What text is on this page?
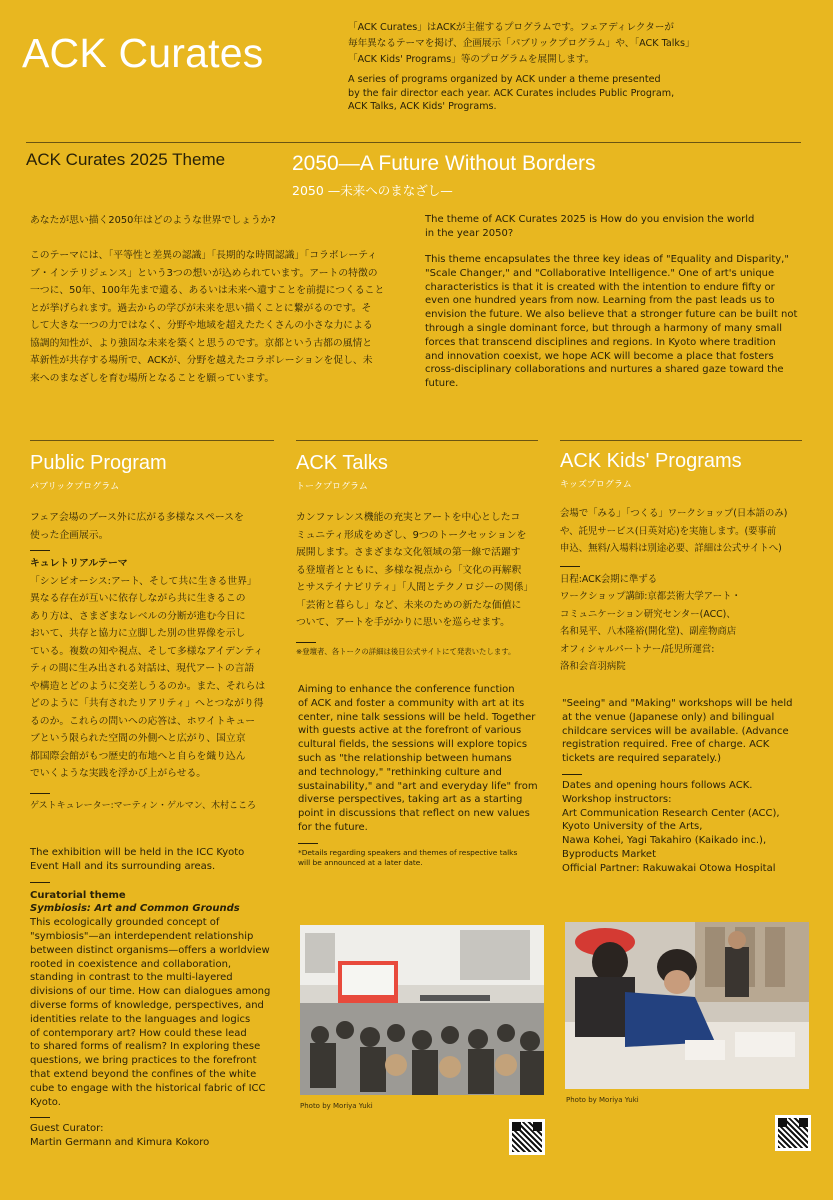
ACK Curates
「ACK Curates」はACKが主催するプログラムです。フェアディレクターが
毎年異なるテーマを掲げ、企画展示「パブリックプログラム」や、「ACK Talks」
「ACK Kids' Programs」等のプログラムを展開します。
A series of programs organized by ACK under a theme presented
by the fair director each year. ACK Curates includes Public Program,
ACK Talks, ACK Kids' Programs.
ACK Curates 2025 Theme	2050—A Future Without Borders
2050 —未来へのまなざし—
あなたが思い描く2050年はどのような世界でしょうか?
このテーマには、「平等性と差異の認識」「長期的な時間認識」「コラボレーティ
ブ・インテリジェンス」という3つの想いが込められています。アートの特徴の
一つに、50年、100年先まで遺る、あるいは未来へ遺すことを前提につくること
とが挙げられます。過去からの学びが未来を思い描くことに繋がるのです。そ
して大きな一つの力ではなく、分野や地域を超えたたくさんの小さな力による
協調的知性が、より強固な未来を築くと思うのです。京都という古都の風情と
革新性が共存する場所で、ACKが、分野を越えたコラボレーションを促し、未
来へのまなざしを育む場所となることを願っています。
The theme of ACK Curates 2025 is How do you envision the world
in the year 2050?
This theme encapsulates the three key ideas of "Equality and Disparity,"
"Scale Changer," and "Collaborative Intelligence." One of art's unique
characteristics is that it is created with the intention to endure fifty or
even one hundred years from now. Learning from the past leads us to
envision the future. We also believe that a stronger future can be built not
through a single dominant force, but through a harmony of many small
forces that transcend disciplines and regions. In Kyoto where tradition
and innovation coexist, we hope ACK will become a place that fosters
cross-disciplinary collaborations and nurtures a shared gaze toward the
future.
Public Program
パブリックプログラム
フェア会場のブース外に広がる多様なスペースを
使った企画展示。
キュレトリアルテーマ
「シンビオーシス:アート、そして共に生きる世界」
異なる存在が互いに依存しながら共に生きるこの
あり方は、さまざまなレベルの分断が進む今日に
おいて、共存と協力に立脚した別の世界像を示し
ている。複数の知や視点、そして多様なアイデンティ
ティの間に生み出される対話は、現代アートの言語
や構造とどのように交差しうるのか。また、それらは
どのように「共有されたリアリティ」へとつながり得
るのか。これらの問いへの応答は、ホワイトキュー
ブという限られた空間の外側へと広がり、国立京
都国際会館がもつ歴史的布地へと自らを織り込ん
でいくような実践を浮かび上がらせる。
ゲストキュレーター:マーティン・ゲルマン、木村こころ
The exhibition will be held in the ICC Kyoto
Event Hall and its surrounding areas.
Curatorial theme
Symbiosis: Art and Common Grounds
This ecologically grounded concept of
"symbiosis"—an interdependent relationship
between distinct organisms—offers a worldview
rooted in coexistence and collaboration,
standing in contrast to the multi-layered
divisions of our time. How can dialogues among
diverse forms of knowledge, perspectives, and
identities relate to the languages and logics
of contemporary art? How could these lead
to shared forms of realism? In exploring these
questions, we bring practices to the forefront
that extend beyond the confines of the white
cube to engage with the historical fabric of ICC
Kyoto.
Guest Curator:
Martin Germann and Kimura Kokoro
ACK Talks
トークプログラム
カンファレンス機能の充実とアートを中心としたコ
ミュニティ形成をめざし、9つのトークセッションを
展開します。さまざまな文化領域の第一線で活躍す
る登壇者とともに、多様な視点から「文化の再解釈
とサステイナビリティ」「人間とテクノロジーの関係」
「芸術と暮らし」など、未来のための新たな価値に
ついて、アートを手がかりに思いを巡らせます。
※登壇者、各トークの詳細は後日公式サイトにて発表いたします。
Aiming to enhance the conference function
of ACK and foster a community with art at its
center, nine talk sessions will be held. Together
with guests active at the forefront of various
cultural fields, the sessions will explore topics
such as "the relationship between humans
and technology," "rethinking culture and
sustainability," and "art and everyday life" from
diverse perspectives, taking art as a starting
point in discussions that reflect on new values
for the future.
*Details regarding speakers and themes of respective talks
will be announced at a later date.
Photo by Moriya Yuki
ACK Kids' Programs
キッズプログラム
会場で「みる」「つくる」ワークショップ(日本語のみ)
や、託児サービス(日英対応)を実施します。(要事前
申込、無料/入場料は別途必要、詳細は公式サイトへ)
日程:ACK会期に準ずる
ワークショップ講師:京都芸術大学アート・
コミュニケーション研究センター(ACC)、
名和晃平、八木隆裕(開化堂)、副産物商店
オフィシャルパートナー/託児所運営:
洛和会音羽病院
"Seeing" and "Making" workshops will be held
at the venue (Japanese only) and bilingual
childcare services will be available. (Advance
registration required. Free of charge. ACK
tickets are required separately.)
Dates and opening hours follows ACK.
Workshop instructors:
Art Communication Research Center (ACC),
Kyoto University of the Arts,
Nawa Kohei, Yagi Takahiro (Kaikado inc.),
Byproducts Market
Official Partner: Rakuwakai Otowa Hospital
Photo by Moriya Yuki
